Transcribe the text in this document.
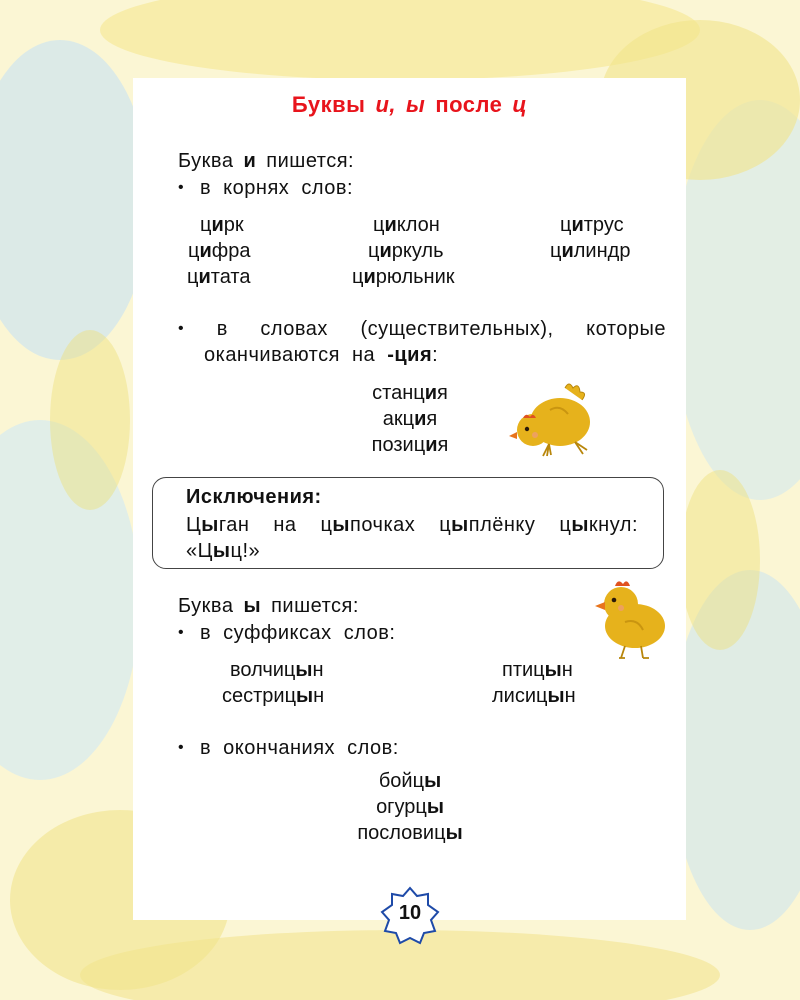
Буквы и, ы после ц
Буква и пишется:
• в корнях слов:
цирк	циклон	цитрус
цифра	циркуль	цилиндр
цитата	цирюльник
• в словах (существительных), которые
оканчиваются на -ция:
станция
акция
позиция
Исключения:
Цыган на цыпочках цыплёнку цыкнул:
«Цыц!»
Буква ы пишется:
• в суффиксах слов:
волчицын	птицын
сестрицын	лисицын
• в окончаниях слов:
бойцы
огурцы
пословицы
10
